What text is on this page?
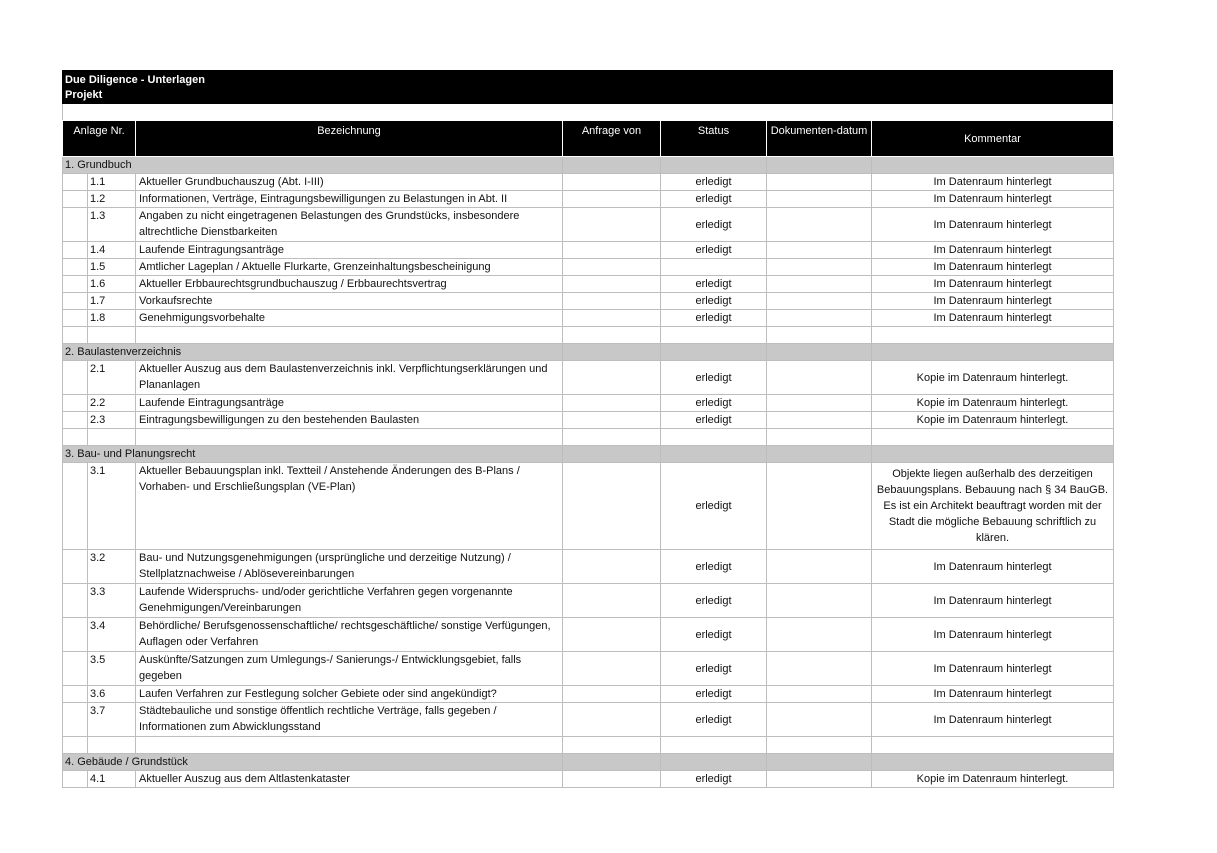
Due Diligence - Unterlagen
Projekt
Anlage Nr.		Bezeichnung	Anfrage von	Status	Dokumenten-datum	Kommentar
1. Grundbuch						
	1.1	Aktueller Grundbuchauszug (Abt. I-III)		erledigt		Im Datenraum hinterlegt
	1.2	Informationen, Verträge, Eintragungsbewilligungen zu Belastungen in Abt. II		erledigt		Im Datenraum hinterlegt
	1.3	Angaben zu nicht eingetragenen Belastungen des Grundstücks, insbesondere altrechtliche Dienstbarkeiten		erledigt		Im Datenraum hinterlegt
	1.4	Laufende Eintragungsanträge		erledigt		Im Datenraum hinterlegt
	1.5	Amtlicher Lageplan / Aktuelle Flurkarte, Grenzeinhaltungsbescheinigung				Im Datenraum hinterlegt
	1.6	Aktueller Erbbaurechtsgrundbuchauszug / Erbbaurechtsvertrag		erledigt		Im Datenraum hinterlegt
	1.7	Vorkaufsrechte		erledigt		Im Datenraum hinterlegt
	1.8	Genehmigungsvorbehalte		erledigt		Im Datenraum hinterlegt

2. Baulastenverzeichnis						
	2.1	Aktueller Auszug aus dem Baulastenverzeichnis inkl. Verpflichtungserklärungen und Plananlagen		erledigt		Kopie im Datenraum hinterlegt.
	2.2	Laufende Eintragungsanträge		erledigt		Kopie im Datenraum hinterlegt.
	2.3	Eintragungsbewilligungen zu den bestehenden Baulasten		erledigt		Kopie im Datenraum hinterlegt.

3. Bau- und Planungsrecht						
	3.1	Aktueller Bebauungsplan inkl. Textteil / Anstehende Änderungen des B-Plans / Vorhaben- und Erschließungsplan (VE-Plan)		erledigt		Objekte liegen außerhalb des derzeitigen Bebauungsplans. Bebauung nach § 34 BauGB. Es ist ein Architekt beauftragt worden mit der Stadt die mögliche Bebauung schriftlich zu klären.
	3.2	Bau- und Nutzungsgenehmigungen (ursprüngliche und derzeitige Nutzung) / Stellplatznachweise / Ablösevereinbarungen		erledigt		Im Datenraum hinterlegt
	3.3	Laufende Widerspruchs- und/oder gerichtliche Verfahren gegen vorgenannte Genehmigungen/Vereinbarungen		erledigt		Im Datenraum hinterlegt
	3.4	Behördliche/ Berufsgenossenschaftliche/ rechtsgeschäftliche/ sonstige Verfügungen, Auflagen oder Verfahren		erledigt		Im Datenraum hinterlegt
	3.5	Auskünfte/Satzungen zum Umlegungs-/ Sanierungs-/ Entwicklungsgebiet, falls gegeben		erledigt		Im Datenraum hinterlegt
	3.6	Laufen Verfahren zur Festlegung solcher Gebiete oder sind angekündigt?		erledigt		Im Datenraum hinterlegt
	3.7	Städtebauliche und sonstige öffentlich rechtliche Verträge, falls gegeben / Informationen zum Abwicklungsstand		erledigt		Im Datenraum hinterlegt

4. Gebäude / Grundstück						
	4.1	Aktueller Auszug aus dem Altlastenkataster		erledigt		Kopie im Datenraum hinterlegt.
